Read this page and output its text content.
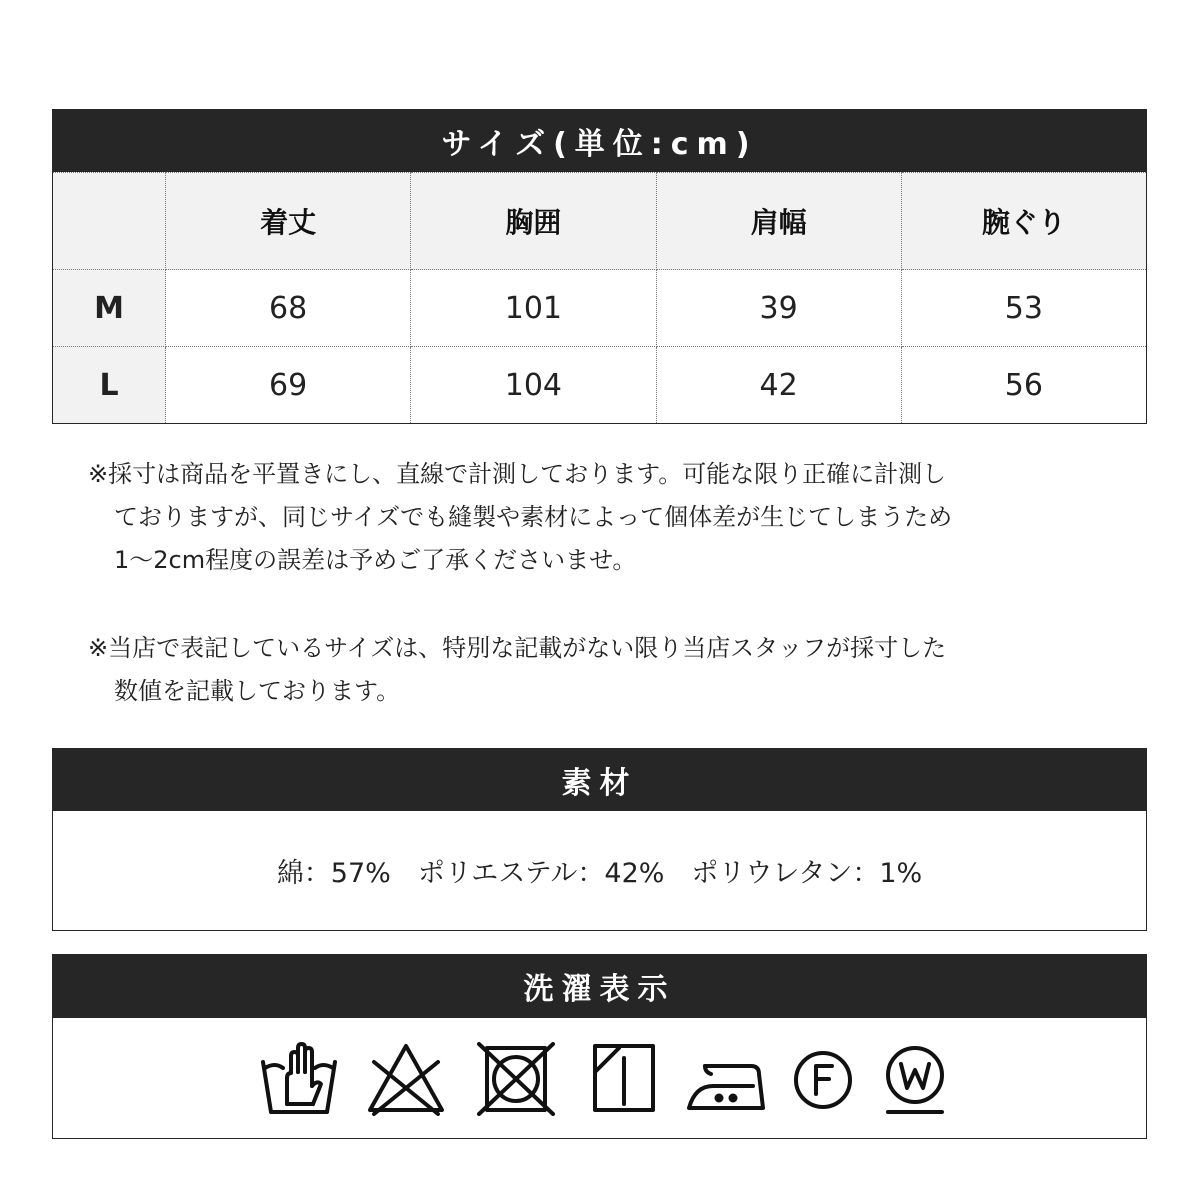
サイズ(単位:cm)
	着丈	胸囲	肩幅	腕ぐり
M	68	101	39	53
L	69	104	42	56
※採寸は商品を平置きにし、直線で計測しております。可能な限り正確に計測し
ておりますが、同じサイズでも縫製や素材によって個体差が生じてしまうため
1～2cm程度の誤差は予めご了承くださいませ。
※当店で表記しているサイズは、特別な記載がない限り当店スタッフが採寸した
数値を記載しております。
素材
綿：57%　ポリエステル：42%　ポリウレタン：1%
洗濯表示
